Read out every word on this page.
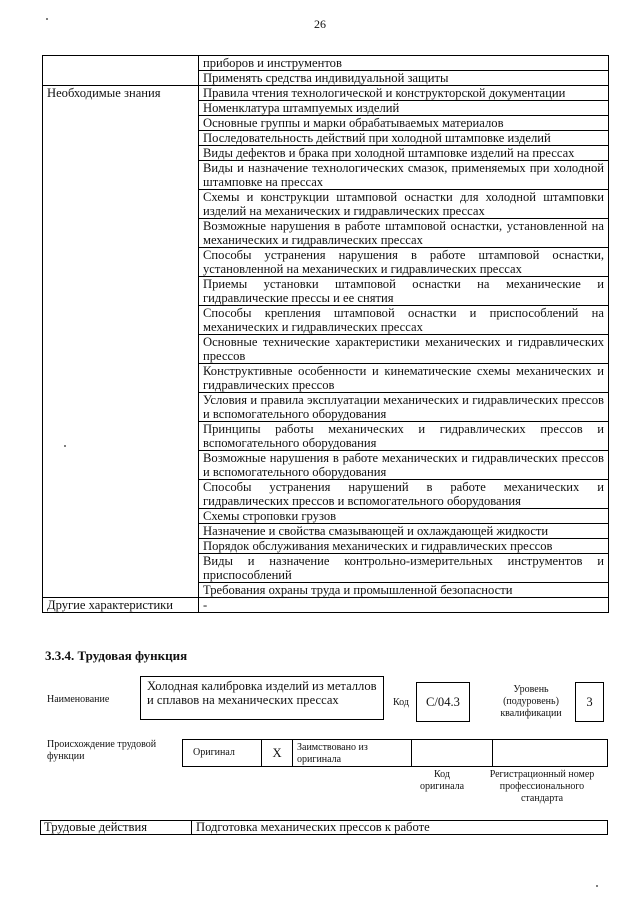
26
	приборов и инструментов
	Применять средства индивидуальной защиты
Необходимые знания	Правила чтения технологической и конструкторской документации
	Номенклатура штампуемых изделий
	Основные группы и марки обрабатываемых материалов
	Последовательность действий при холодной штамповке изделий
	Виды дефектов и брака при холодной штамповке изделий на прессах
	Виды и назначение технологических смазок, применяемых при холодной штамповке на прессах
	Схемы и конструкции штамповой оснастки для холодной штамповки изделий на механических и гидравлических прессах
	Возможные нарушения в работе штамповой оснастки, установленной на механических и гидравлических прессах
	Способы устранения нарушения в работе штамповой оснастки, установленной на механических и гидравлических прессах
	Приемы установки штамповой оснастки на механические и гидравлические прессы и ее снятия
	Способы крепления штамповой оснастки и приспособлений на механических и гидравлических прессах
	Основные технические характеристики механических и гидравлических прессов
	Конструктивные особенности и кинематические схемы механических и гидравлических прессов
	Условия и правила эксплуатации механических и гидравлических прессов и вспомогательного оборудования
	Принципы работы механических и гидравлических прессов и вспомогательного оборудования
	Возможные нарушения в работе механических и гидравлических прессов и вспомогательного оборудования
	Способы устранения нарушений в работе механических и гидравлических прессов и вспомогательного оборудования
	Схемы строповки грузов
	Назначение и свойства смазывающей и охлаждающей жидкости
	Порядок обслуживания механических и гидравлических прессов
	Виды и назначение контрольно-измерительных инструментов и приспособлений
	Требования охраны труда и промышленной безопасности
Другие характеристики	-
3.3.4. Трудовая функция
Наименование
Холодная калибровка изделий из металлов и сплавов на механических прессах	Код	С/04.3
Уровень (подуровень) квалификации
3
Происхождение трудовой функции	Оригинал	X	Заимствовано из оригинала
Код оригинала
Регистрационный номер профессионального стандарта
Трудовые действия	Подготовка механических прессов к работе
